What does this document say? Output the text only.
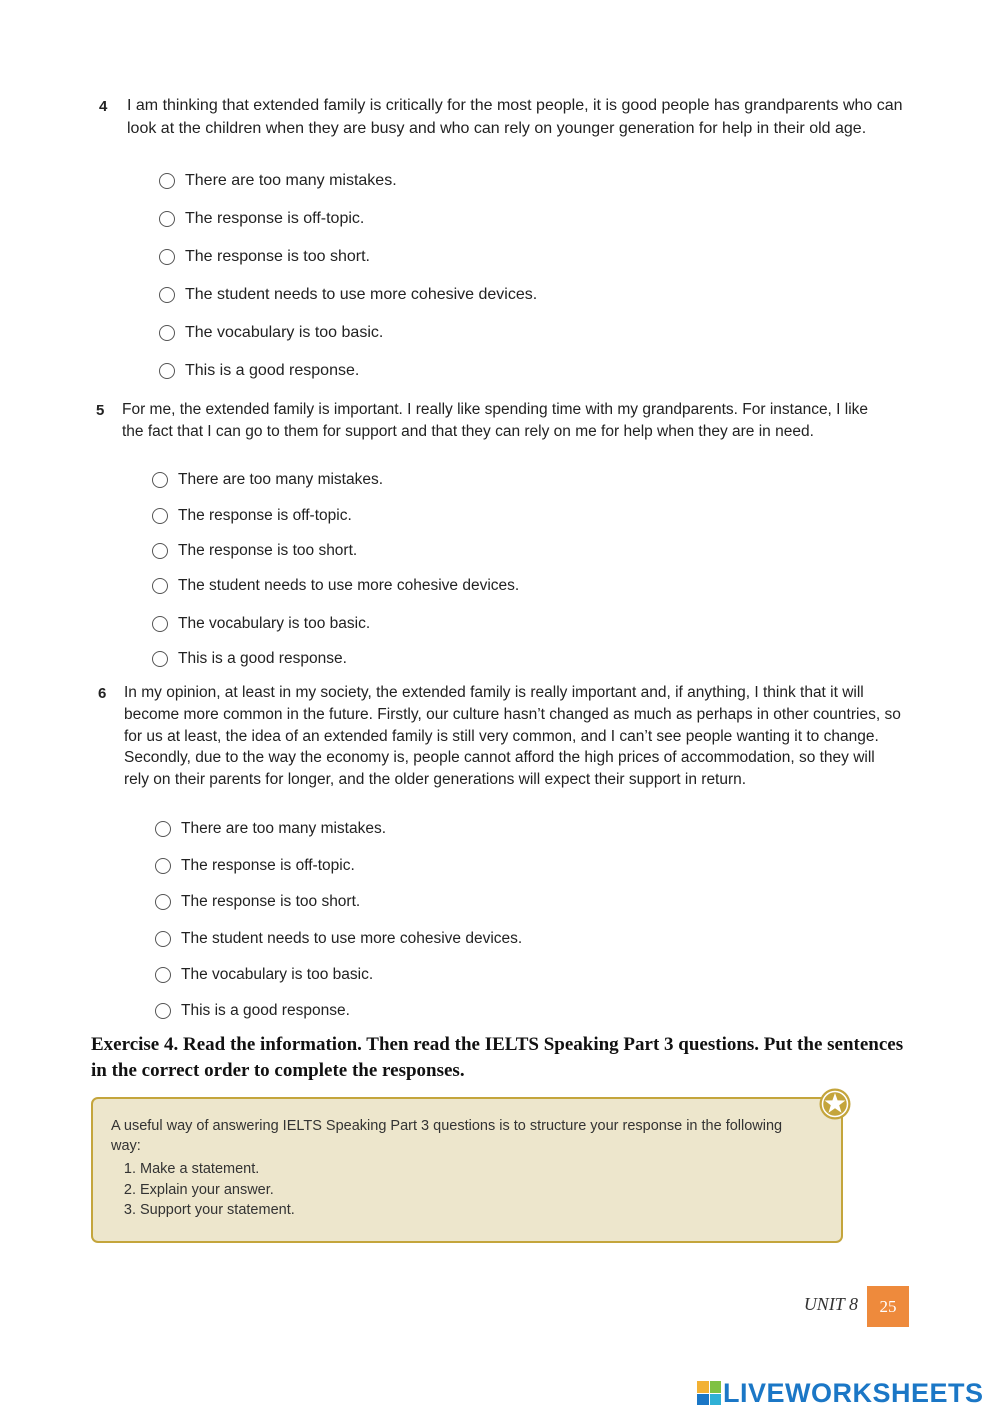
4 I am thinking that extended family is critically for the most people, it is good people has grandparents who can look at the children when they are busy and who can rely on younger generation for help in their old age.
There are too many mistakes.
The response is off-topic.
The response is too short.
The student needs to use more cohesive devices.
The vocabulary is too basic.
This is a good response.
5 For me, the extended family is important. I really like spending time with my grandparents. For instance, I like the fact that I can go to them for support and that they can rely on me for help when they are in need.
There are too many mistakes.
The response is off-topic.
The response is too short.
The student needs to use more cohesive devices.
The vocabulary is too basic.
This is a good response.
6 In my opinion, at least in my society, the extended family is really important and, if anything, I think that it will become more common in the future. Firstly, our culture hasn’t changed as much as perhaps in other countries, so for us at least, the idea of an extended family is still very common, and I can’t see people wanting it to change. Secondly, due to the way the economy is, people cannot afford the high prices of accommodation, so they will rely on their parents for longer, and the older generations will expect their support in return.
There are too many mistakes.
The response is off-topic.
The response is too short.
The student needs to use more cohesive devices.
The vocabulary is too basic.
This is a good response.
Exercise 4. Read the information. Then read the IELTS Speaking Part 3 questions. Put the sentences in the correct order to complete the responses.

A useful way of answering IELTS Speaking Part 3 questions is to structure your response in the following way:

1. Make a statement.
2. Explain your answer.
3. Support your statement.
UNIT 8	25
LIVEWORKSHEETS
